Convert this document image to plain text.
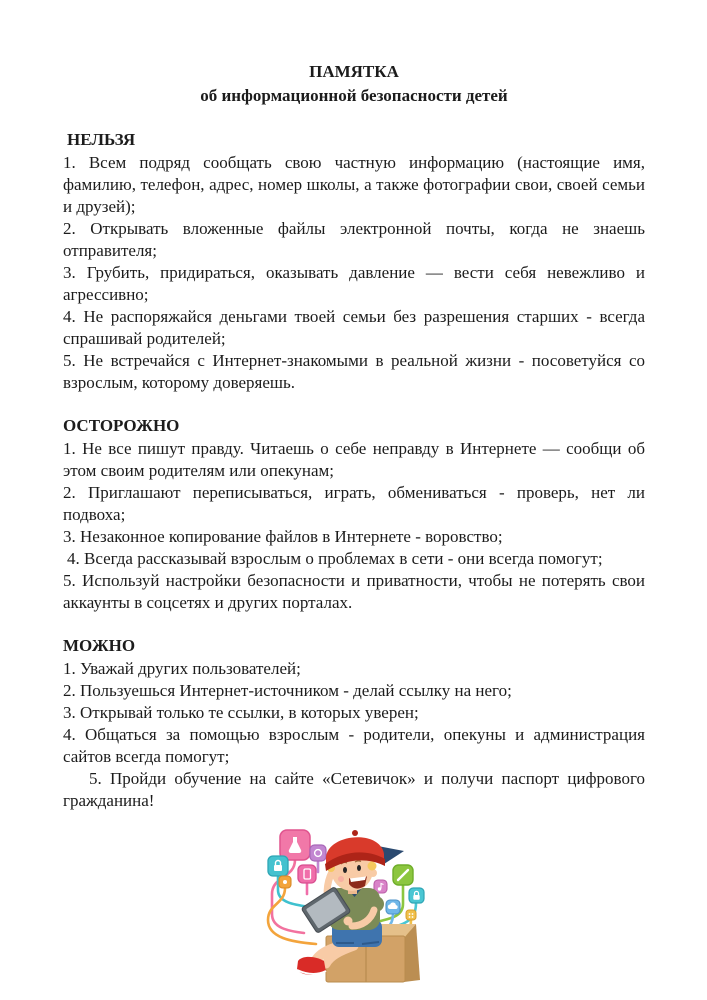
ПАМЯТКА
об информационной безопасности детей
НЕЛЬЗЯ

1. Всем подряд сообщать свою частную информацию (настоящие имя, фамилию, телефон, адрес, номер школы, а также фотографии свои, своей семьи и друзей);

2. Открывать вложенные файлы электронной почты, когда не знаешь отправителя;

3. Грубить, придираться, оказывать давление — вести себя невежливо и агрессивно;

4. Не распоряжайся деньгами твоей семьи без разрешения старших - всегда спрашивай родителей;

5. Не встречайся с Интернет-знакомыми в реальной жизни - посоветуйся со взрослым, которому доверяешь.

ОСТОРОЖНО

1. Не все пишут правду. Читаешь о себе неправду в Интернете — сообщи об этом своим родителям или опекунам;

2. Приглашают переписываться, играть, обмениваться - проверь, нет ли подвоха;

3. Незаконное копирование файлов в Интернете - воровство;

4. Всегда рассказывай взрослым о проблемах в сети - они всегда помогут;

5. Используй настройки безопасности и приватности, чтобы не потерять свои аккаунты в соцсетях и других порталах.

МОЖНО

1. Уважай других пользователей;

2. Пользуешься Интернет-источником - делай ссылку на него;

3. Открывай только те ссылки, в которых уверен;

4. Общаться за помощью взрослым - родители, опекуны и администрация сайтов всегда помогут;

5. Пройди обучение на сайте «Сетевичок» и получи паспорт цифрового гражданина!
